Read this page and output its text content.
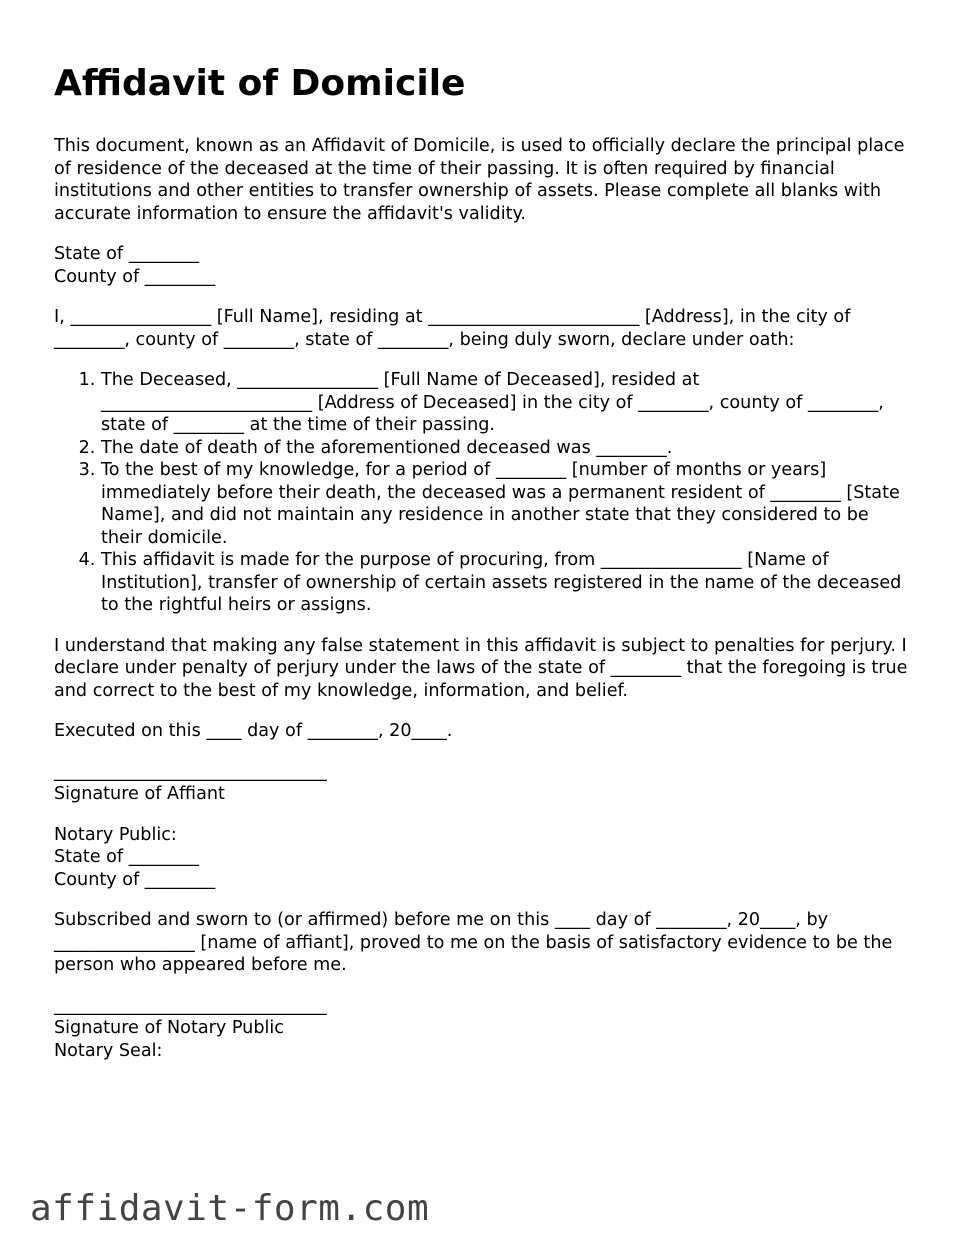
Affidavit of Domicile

This document, known as an Affidavit of Domicile, is used to officially declare the principal place of residence of the deceased at the time of their passing. It is often required by financial institutions and other entities to transfer ownership of assets. Please complete all blanks with accurate information to ensure the affidavit's validity.

State of ________
County of ________

I, ________________ [Full Name], residing at ________________________ [Address], in the city of ________, county of ________, state of ________, being duly sworn, declare under oath:

1. The Deceased, ________________ [Full Name of Deceased], resided at ________________________ [Address of Deceased] in the city of ________, county of ________, state of ________ at the time of their passing.
2. The date of death of the aforementioned deceased was ________.
3. To the best of my knowledge, for a period of ________ [number of months or years] immediately before their death, the deceased was a permanent resident of ________ [State Name], and did not maintain any residence in another state that they considered to be their domicile.
4. This affidavit is made for the purpose of procuring, from ________________ [Name of Institution], transfer of ownership of certain assets registered in the name of the deceased to the rightful heirs or assigns.

I understand that making any false statement in this affidavit is subject to penalties for perjury. I declare under penalty of perjury under the laws of the state of ________ that the foregoing is true and correct to the best of my knowledge, information, and belief.

Executed on this ____ day of ________, 20____.

_______________________________
Signature of Affiant
Notary Public:
State of ________
County of ________

Subscribed and sworn to (or affirmed) before me on this ____ day of ________, 20____, by ________________ [name of affiant], proved to me on the basis of satisfactory evidence to be the person who appeared before me.

_______________________________
Signature of Notary Public
Notary Seal:
affidavit-form.com
